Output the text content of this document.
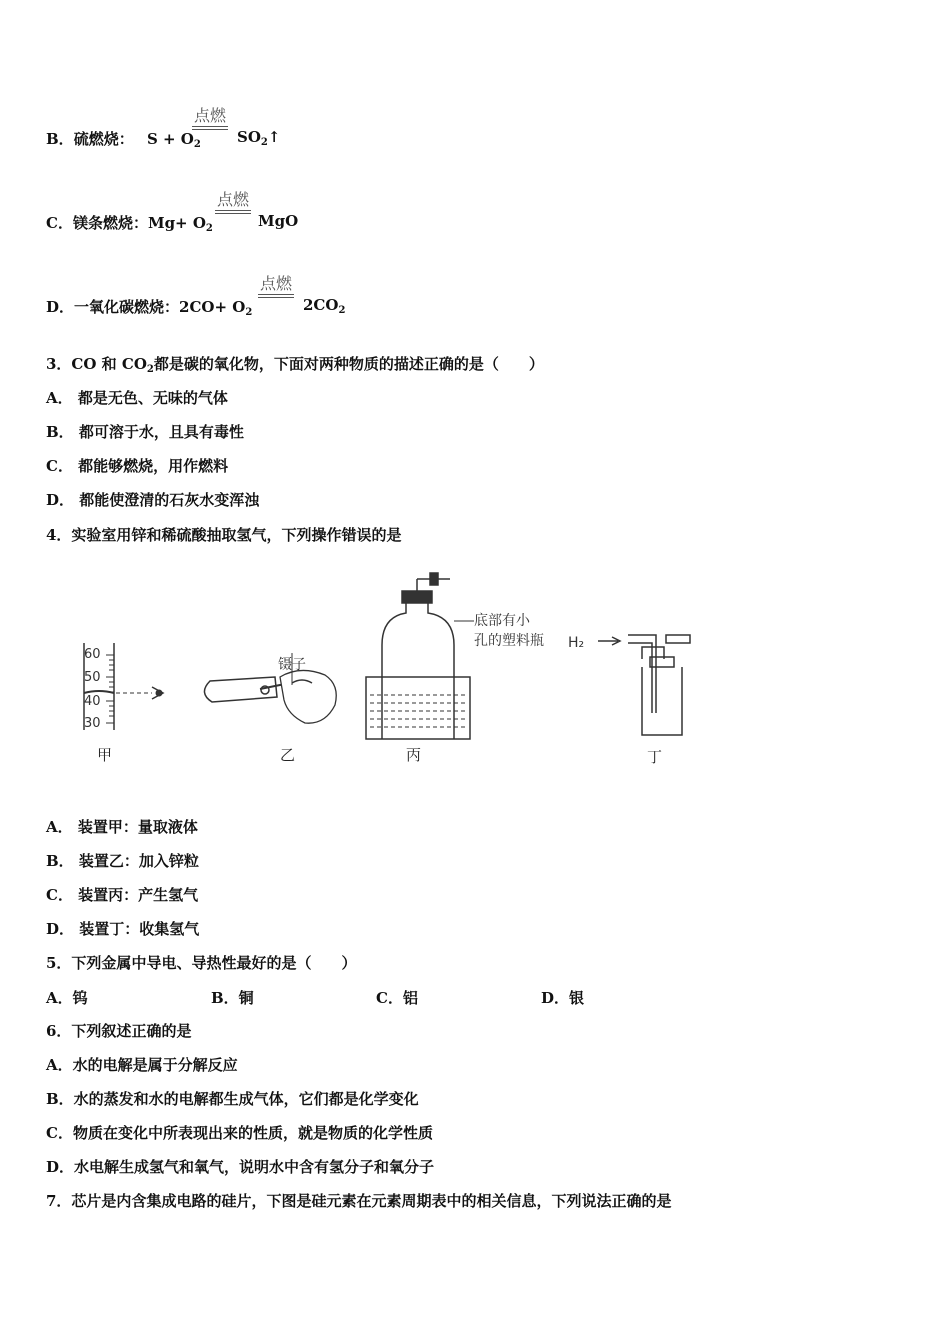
B．硫燃烧： $S + O_2$
点燃
$SO_2↑$
C．镁条燃烧：$Mg+ O_2$
点燃
MgO
D．一氧化碳燃烧：$2CO+ O_2$
点燃
$2CO_2$
3．CO 和 $CO_2$都是碳的氧化物，下面对两种物质的描述正确的是（　　）
A． 都是无色、无味的气体
B． 都可溶于水，且具有毒性
C． 都能够燃烧，用作燃料
D． 都能使澄清的石灰水变浑浊
4．实验室用锌和稀硫酸抽取氢气，下列操作错误的是
60
50
40
30
镊子
底部有小
孔的塑料瓶 H₂
甲	乙	丙	丁
A． 装置甲：量取液体
B． 装置乙：加入锌粒
C． 装置丙：产生氢气
D． 装置丁：收集氢气
5．下列金属中导电、导热性最好的是（　　）
A．钨	B．铜	C．铝	D．银
6．下列叙述正确的是
A．水的电解是属于分解反应
B．水的蒸发和水的电解都生成气体，它们都是化学变化
C．物质在变化中所表现出来的性质，就是物质的化学性质
D．水电解生成氢气和氧气，说明水中含有氢分子和氧分子
7．芯片是内含集成电路的硅片，下图是硅元素在元素周期表中的相关信息，下列说法正确的是
